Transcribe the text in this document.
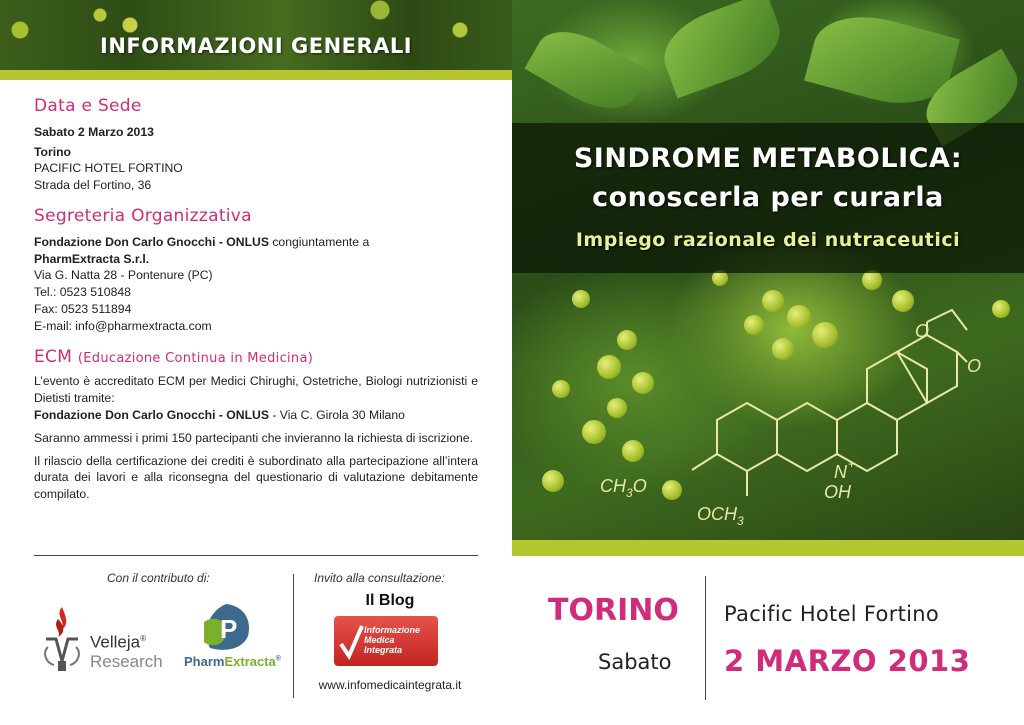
INFORMAZIONI GENERALI
Data e Sede
Sabato 2 Marzo 2013
Torino
PACIFIC HOTEL FORTINO
Strada del Fortino, 36
Segreteria Organizzativa
Fondazione Don Carlo Gnocchi - ONLUS congiuntamente a
PharmExtracta S.r.l.
Via G. Natta 28 - Pontenure (PC)
Tel.: 0523 510848
Fax: 0523 511894
E-mail: info@pharmextracta.com
ECM (Educazione Continua in Medicina)
L’evento è accreditato ECM per Medici Chirughi, Ostetriche, Biologi nutrizionisti e Dietisti tramite:
Fondazione Don Carlo Gnocchi - ONLUS - Via C. Girola 30 Milano
Saranno ammessi i primi 150 partecipanti che invieranno la richiesta di iscrizione.
Il rilascio della certificazione dei crediti è subordinato alla partecipazione all’intera durata dei lavori e alla riconsegna del questionario di valutazione debitamente compilato.
Con il contributo di:	Invito alla consultazione:
Velleja®
Research
P
PharmExtracta®
Il Blog
Informazione
Medica
Integrata
www.infomedicaintegrata.it
O
O
N +
OH
$CH_3O$
$OCH_3$
SINDROME METABOLICA:
conoscerla per curarla
Impiego razionale dei nutraceutici
TORINO
Sabato
Pacific Hotel Fortino
2 MARZO 2013
